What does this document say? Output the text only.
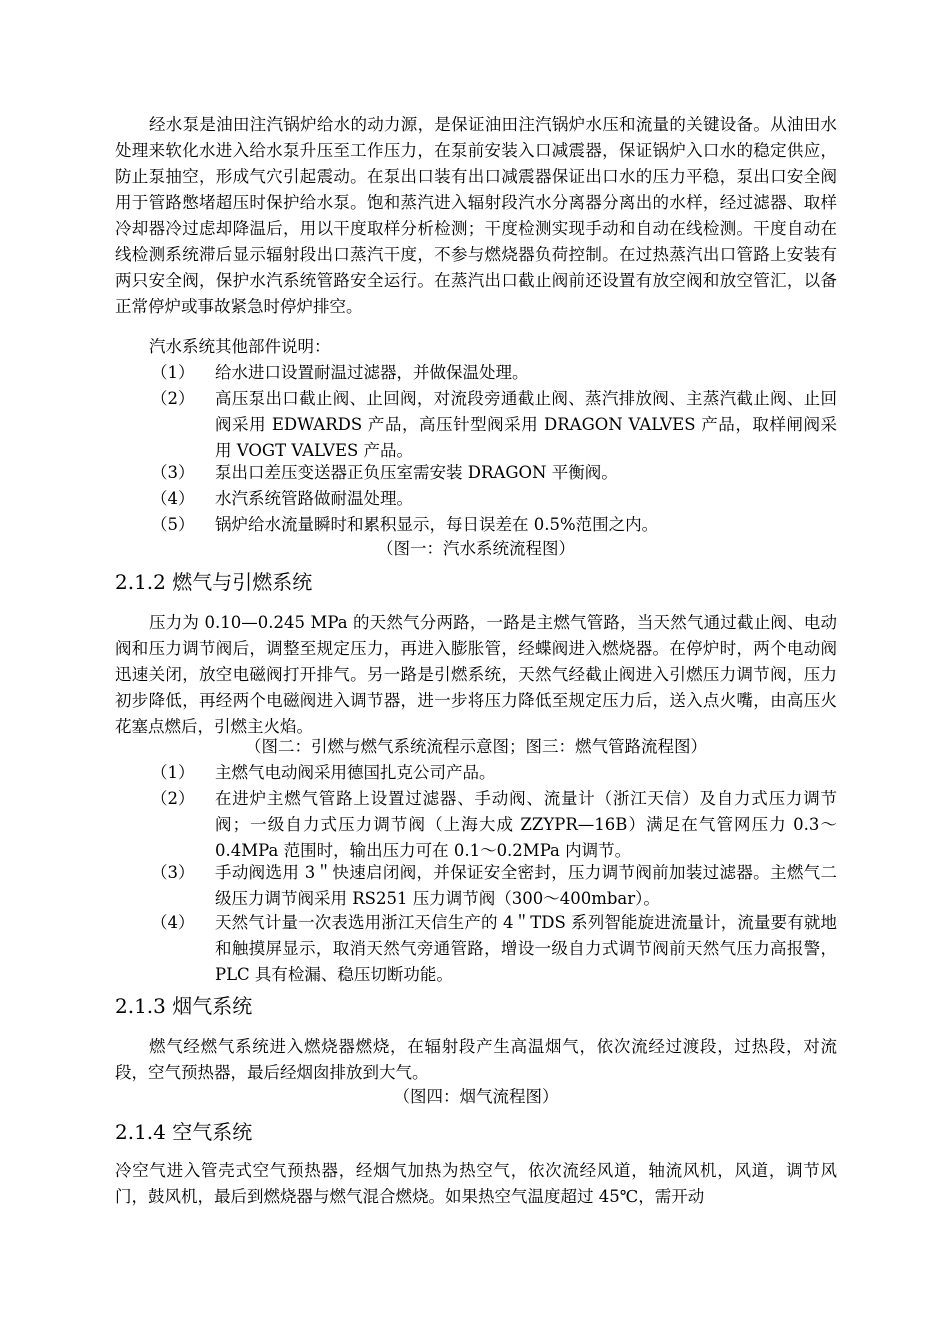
经水泵是油田注汽锅炉给水的动力源，是保证油田注汽锅炉水压和流量的关键设备。从油田水处理来软化水进入给水泵升压至工作压力，在泵前安装入口减震器，保证锅炉入口水的稳定供应，防止泵抽空，形成气穴引起震动。在泵出口装有出口减震器保证出口水的压力平稳，泵出口安全阀用于管路憋堵超压时保护给水泵。饱和蒸汽进入辐射段汽水分离器分离出的水样，经过滤器、取样冷却器冷过虑却降温后，用以干度取样分析检测；干度检测实现手动和自动在线检测。干度自动在线检测系统滞后显示辐射段出口蒸汽干度，不参与燃烧器负荷控制。在过热蒸汽出口管路上安装有两只安全阀，保护水汽系统管路安全运行。在蒸汽出口截止阀前还设置有放空阀和放空管汇，以备正常停炉或事故紧急时停炉排空。

汽水系统其他部件说明：

（1） 给水进口设置耐温过滤器，并做保温处理。
（2） 高压泵出口截止阀、止回阀，对流段旁通截止阀、蒸汽排放阀、主蒸汽截止阀、止回阀采用 EDWARDS 产品，高压针型阀采用 DRAGON VALVES 产品，取样闸阀采用 VOGT VALVES 产品。
（3） 泵出口差压变送器正负压室需安装 DRAGON 平衡阀。
（4） 水汽系统管路做耐温处理。
（5） 锅炉给水流量瞬时和累积显示，每日误差在 0.5%范围之内。
（图一：汽水系统流程图）
2.1.2 燃气与引燃系统

压力为 0.10—0.245 MPa 的天然气分两路，一路是主燃气管路，当天然气通过截止阀、电动阀和压力调节阀后，调整至规定压力，再进入膨胀管，经蝶阀进入燃烧器。在停炉时，两个电动阀迅速关闭，放空电磁阀打开排气。另一路是引燃系统，天然气经截止阀进入引燃压力调节阀，压力初步降低，再经两个电磁阀进入调节器，进一步将压力降低至规定压力后，送入点火嘴，由高压火花塞点燃后，引燃主火焰。

（图二：引燃与燃气系统流程示意图；图三：燃气管路流程图）
（1） 主燃气电动阀采用德国扎克公司产品。
（2） 在进炉主燃气管路上设置过滤器、手动阀、流量计（浙江天信）及自力式压力调节阀；一级自力式压力调节阀（上海大成 ZZYPR—16B）满足在气管网压力 0.3～0.4MPa 范围时，输出压力可在 0.1～0.2MPa 内调节。
（3） 手动阀选用 3＂快速启闭阀，并保证安全密封，压力调节阀前加装过滤器。主燃气二级压力调节阀采用 RS251 压力调节阀（300～400mbar）。
（4） 天然气计量一次表选用浙江天信生产的 4＂TDS 系列智能旋进流量计，流量要有就地和触摸屏显示，取消天然气旁通管路，增设一级自力式调节阀前天然气压力高报警，PLC 具有检漏、稳压切断功能。
2.1.3 烟气系统

燃气经燃气系统进入燃烧器燃烧，在辐射段产生高温烟气，依次流经过渡段，过热段，对流段，空气预热器，最后经烟囱排放到大气。

（图四：烟气流程图）
2.1.4 空气系统

冷空气进入管壳式空气预热器，经烟气加热为热空气，依次流经风道，轴流风机，风道，调节风门，鼓风机，最后到燃烧器与燃气混合燃烧。如果热空气温度超过 45℃，需开动
